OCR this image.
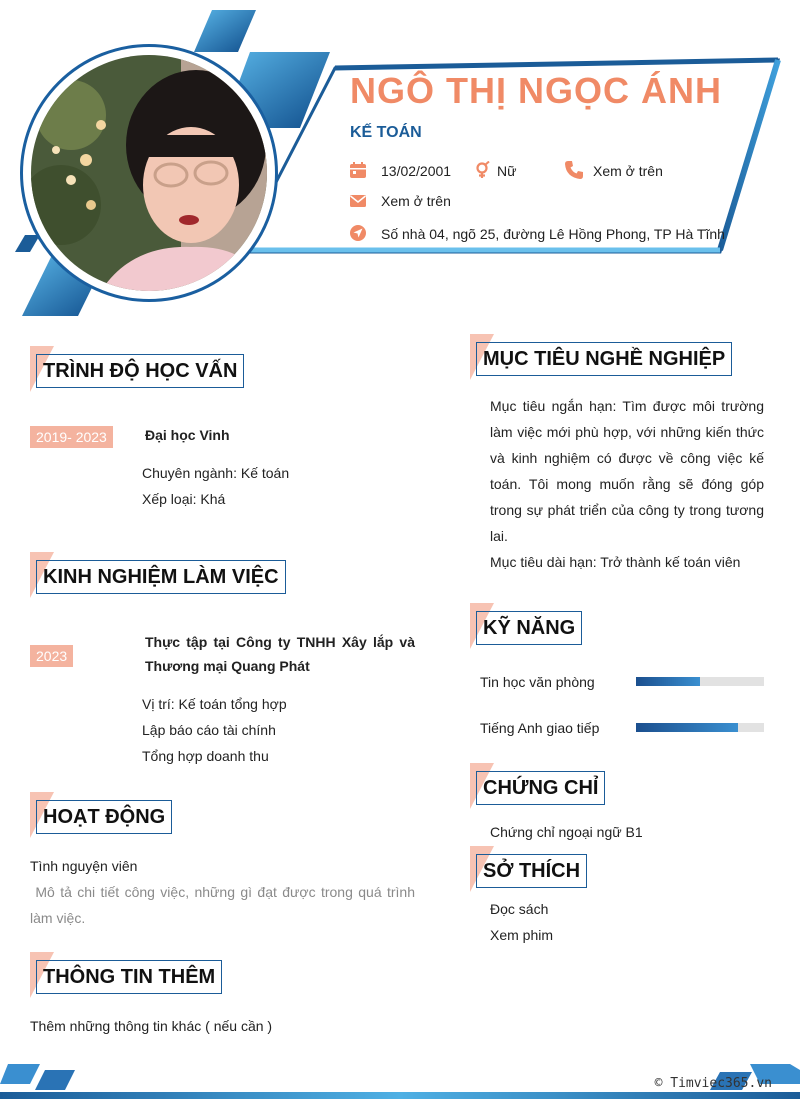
NGÔ THỊ NGỌC ÁNH
KẾ TOÁN
13/02/2001	Nữ	Xem ở trên
Xem ở trên
Số nhà 04, ngõ 25, đường Lê Hồng Phong, TP Hà Tĩnh
TRÌNH ĐỘ HỌC VẤN
2019- 2023	Đại học Vinh
Chuyên ngành: Kế toán
Xếp loại: Khá
KINH NGHIỆM LÀM VIỆC
2023
Thực tập tại Công ty TNHH Xây lắp và
Thương mại Quang Phát
Vị trí: Kế toán tổng hợp
Lập báo cáo tài chính
Tổng hợp doanh thu
HOẠT ĐỘNG
Tình nguyện viên
Mô tả chi tiết công việc, những gì đạt được trong quá trình
làm việc.
THÔNG TIN THÊM
Thêm những thông tin khác ( nếu cần )
MỤC TIÊU NGHỀ NGHIỆP
Mục tiêu ngắn hạn: Tìm được môi trường
làm việc mới phù hợp, với những kiến thức
và kinh nghiệm có được về công việc kế
toán. Tôi mong muốn rằng sẽ đóng góp
trong sự phát triển của công ty trong tương
lai.
Mục tiêu dài hạn: Trở thành kế toán viên
KỸ NĂNG
Tin học văn phòng
Tiếng Anh giao tiếp
CHỨNG CHỈ
Chứng chỉ ngoại ngữ B1
SỞ THÍCH
Đọc sách
Xem phim
© Timviec365.vn
